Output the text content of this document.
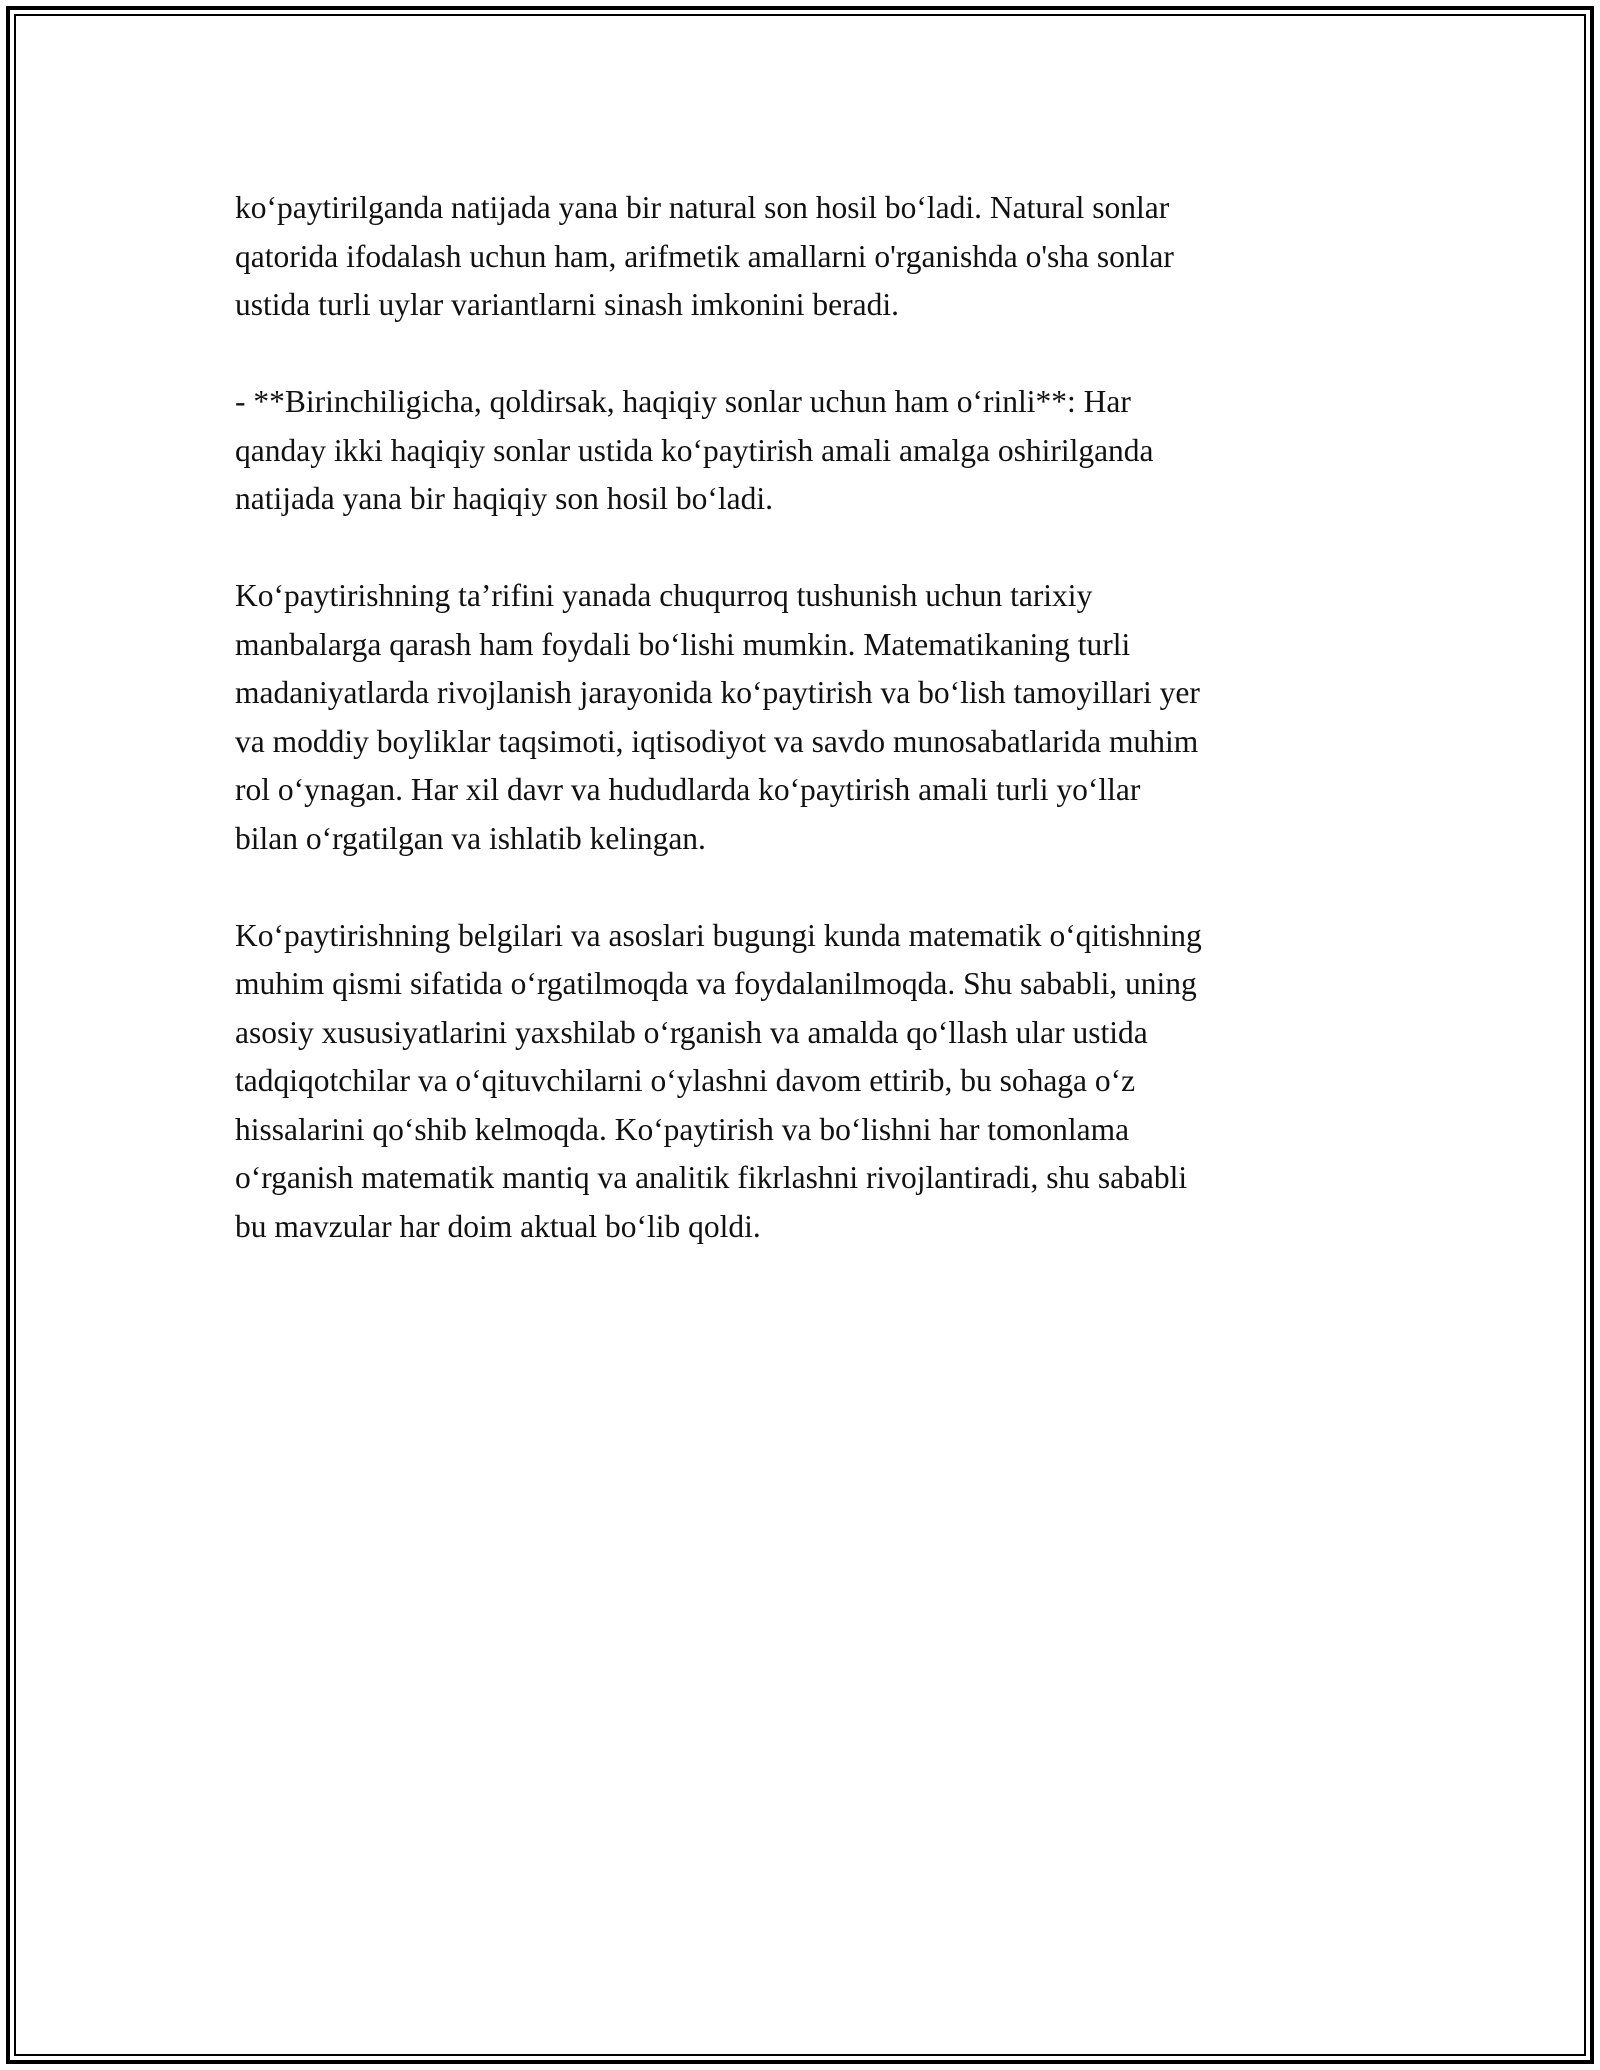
ko‘paytirilganda natijada yana bir natural son hosil bo‘ladi. Natural sonlar
qatorida ifodalash uchun ham, arifmetik amallarni o'rganishda o'sha sonlar
ustida turli uylar variantlarni sinash imkonini beradi.

- **Birinchiligicha, qoldirsak, haqiqiy sonlar uchun ham o‘rinli**: Har
qanday ikki haqiqiy sonlar ustida ko‘paytirish amali amalga oshirilganda
natijada yana bir haqiqiy son hosil bo‘ladi.

Ko‘paytirishning ta’rifini yanada chuqurroq tushunish uchun tarixiy
manbalarga qarash ham foydali bo‘lishi mumkin. Matematikaning turli
madaniyatlarda rivojlanish jarayonida ko‘paytirish va bo‘lish tamoyillari yer
va moddiy boyliklar taqsimoti, iqtisodiyot va savdo munosabatlarida muhim
rol o‘ynagan. Har xil davr va hududlarda ko‘paytirish amali turli yo‘llar
bilan o‘rgatilgan va ishlatib kelingan.

Ko‘paytirishning belgilari va asoslari bugungi kunda matematik o‘qitishning
muhim qismi sifatida o‘rgatilmoqda va foydalanilmoqda. Shu sababli, uning
asosiy xususiyatlarini yaxshilab o‘rganish va amalda qo‘llash ular ustida
tadqiqotchilar va o‘qituvchilarni o‘ylashni davom ettirib, bu sohaga o‘z
hissalarini qo‘shib kelmoqda. Ko‘paytirish va bo‘lishni har tomonlama
o‘rganish matematik mantiq va analitik fikrlashni rivojlantiradi, shu sababli
bu mavzular har doim aktual bo‘lib qoldi.
